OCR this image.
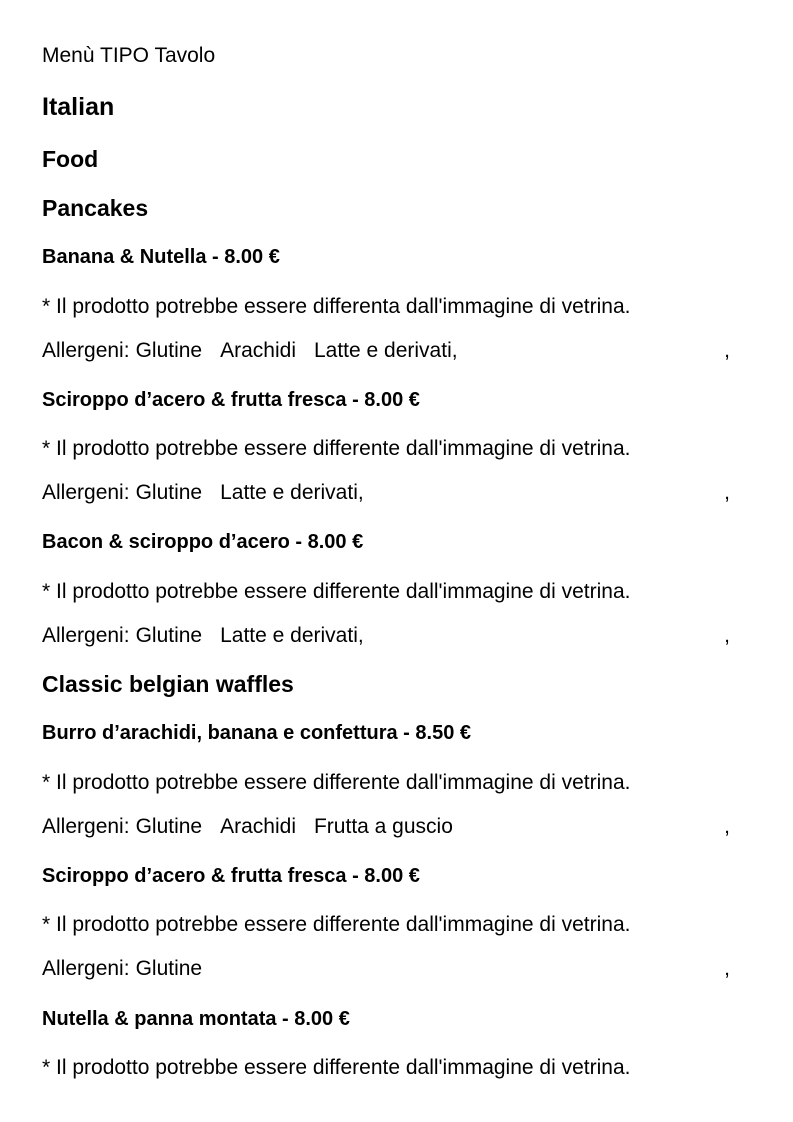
Menù TIPO Tavolo
Italian
Food
Pancakes
Banana & Nutella - 8.00 €
* Il prodotto potrebbe essere differenta dall'immagine di vetrina.
Allergeni: Glutine Arachidi Latte e derivati,	,
Sciroppo d’acero & frutta fresca - 8.00 €
* Il prodotto potrebbe essere differente dall'immagine di vetrina.
Allergeni: Glutine Latte e derivati,	,
Bacon & sciroppo d’acero - 8.00 €
* Il prodotto potrebbe essere differente dall'immagine di vetrina.
Allergeni: Glutine Latte e derivati,	,
Classic belgian waffles
Burro d’arachidi, banana e confettura - 8.50 €
* Il prodotto potrebbe essere differente dall'immagine di vetrina.
Allergeni: Glutine Arachidi Frutta a guscio	,
Sciroppo d’acero & frutta fresca - 8.00 €
* Il prodotto potrebbe essere differente dall'immagine di vetrina.
Allergeni: Glutine	,
Nutella & panna montata - 8.00 €
* Il prodotto potrebbe essere differente dall'immagine di vetrina.
